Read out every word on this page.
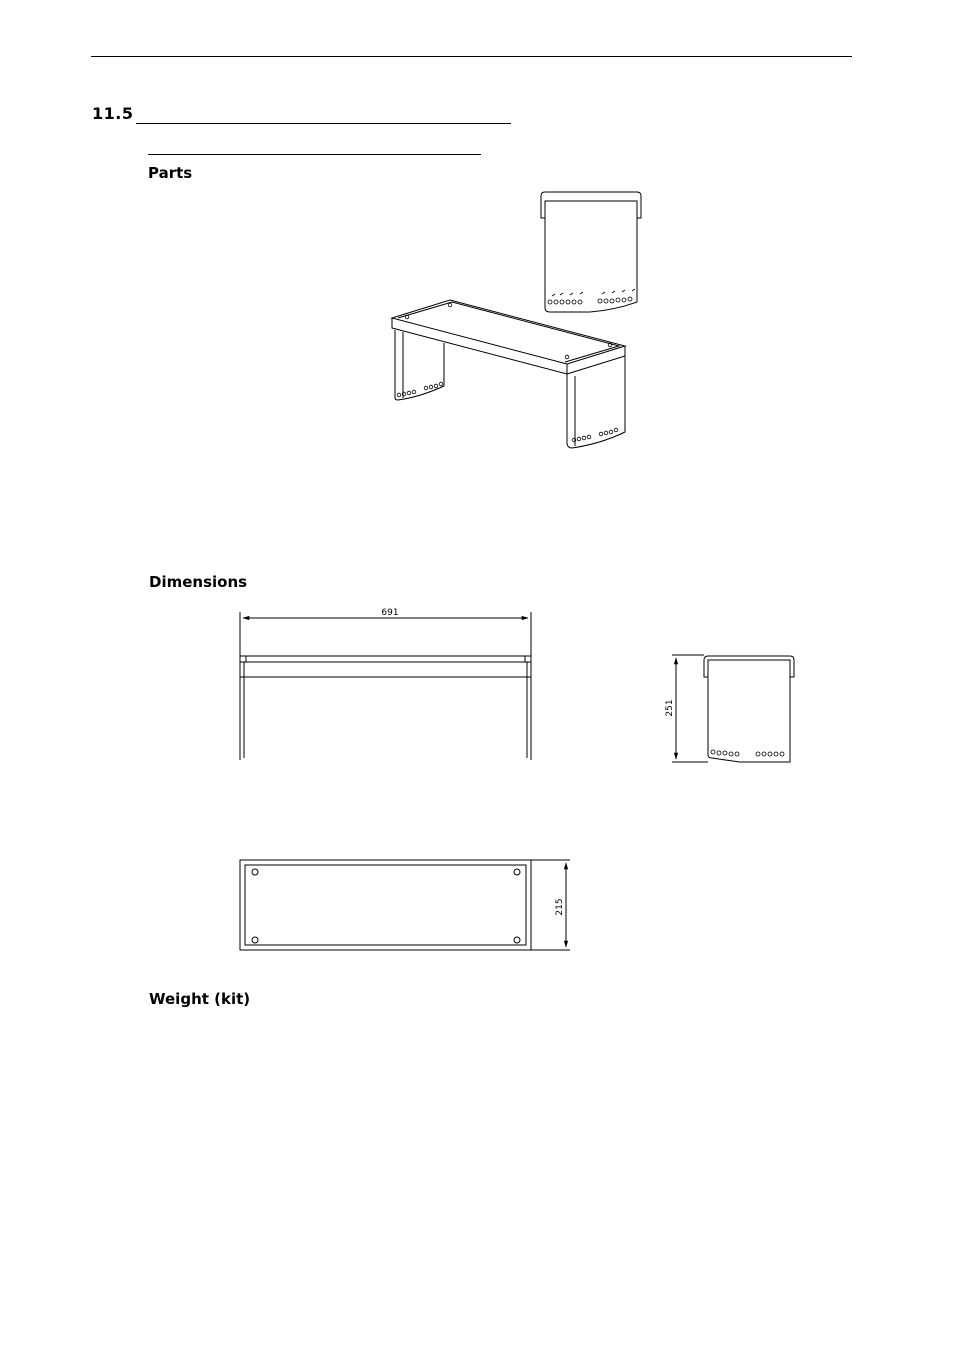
11.5
Parts
Dimensions
Weight (kit)
691
251
215
